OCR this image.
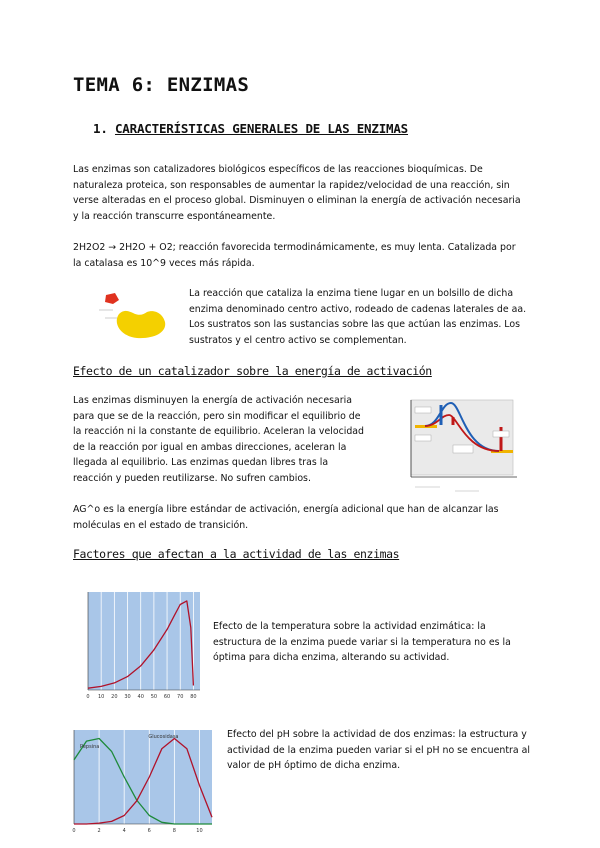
TEMA 6: ENZIMAS
1. CARACTERÍSTICAS GENERALES DE LAS ENZIMAS
Las enzimas son catalizadores biológicos específicos de las reacciones bioquímicas. De naturaleza proteica, son responsables de aumentar la rapidez/velocidad de una reacción, sin verse alteradas en el proceso global. Disminuyen o eliminan la energía de activación necesaria y la reacción transcurre espontáneamente.
2H2O2 → 2H2O + O2; reacción favorecida termodinámicamente, es muy lenta. Catalizada por la catalasa es 10^9 veces más rápida.
La reacción que cataliza la enzima tiene lugar en un bolsillo de dicha enzima denominado centro activo, rodeado de cadenas laterales de aa. Los sustratos son las sustancias sobre las que actúan las enzimas. Los sustratos y el centro activo se complementan.
Efecto de un catalizador sobre la energía de activación
Las enzimas disminuyen la energía de activación necesaria para que se de la reacción, pero sin modificar el equilibrio de la reacción ni la constante de equilibrio. Aceleran la velocidad de la reacción por igual en ambas direcciones, aceleran la llegada al equilibrio. Las enzimas quedan libres tras la reacción y pueden reutilizarse. No sufren cambios.
AG^o es la energía libre estándar de activación, energía adicional que han de alcanzar las moléculas en el estado de transición.
Factores que afectan a la actividad de las enzimas
0 10 20 30 40 50 60 70 80
Efecto de la temperatura sobre la actividad enzimática: la estructura de la enzima puede variar si la temperatura no es la óptima para dicha enzima, alterando su actividad.
0	2	4	6	8	10
Pepsina
Glucosidasa	Efecto del pH sobre la actividad de dos enzimas: la estructura y actividad de la enzima pueden variar si el pH no se encuentra al valor de pH óptimo de dicha enzima.
